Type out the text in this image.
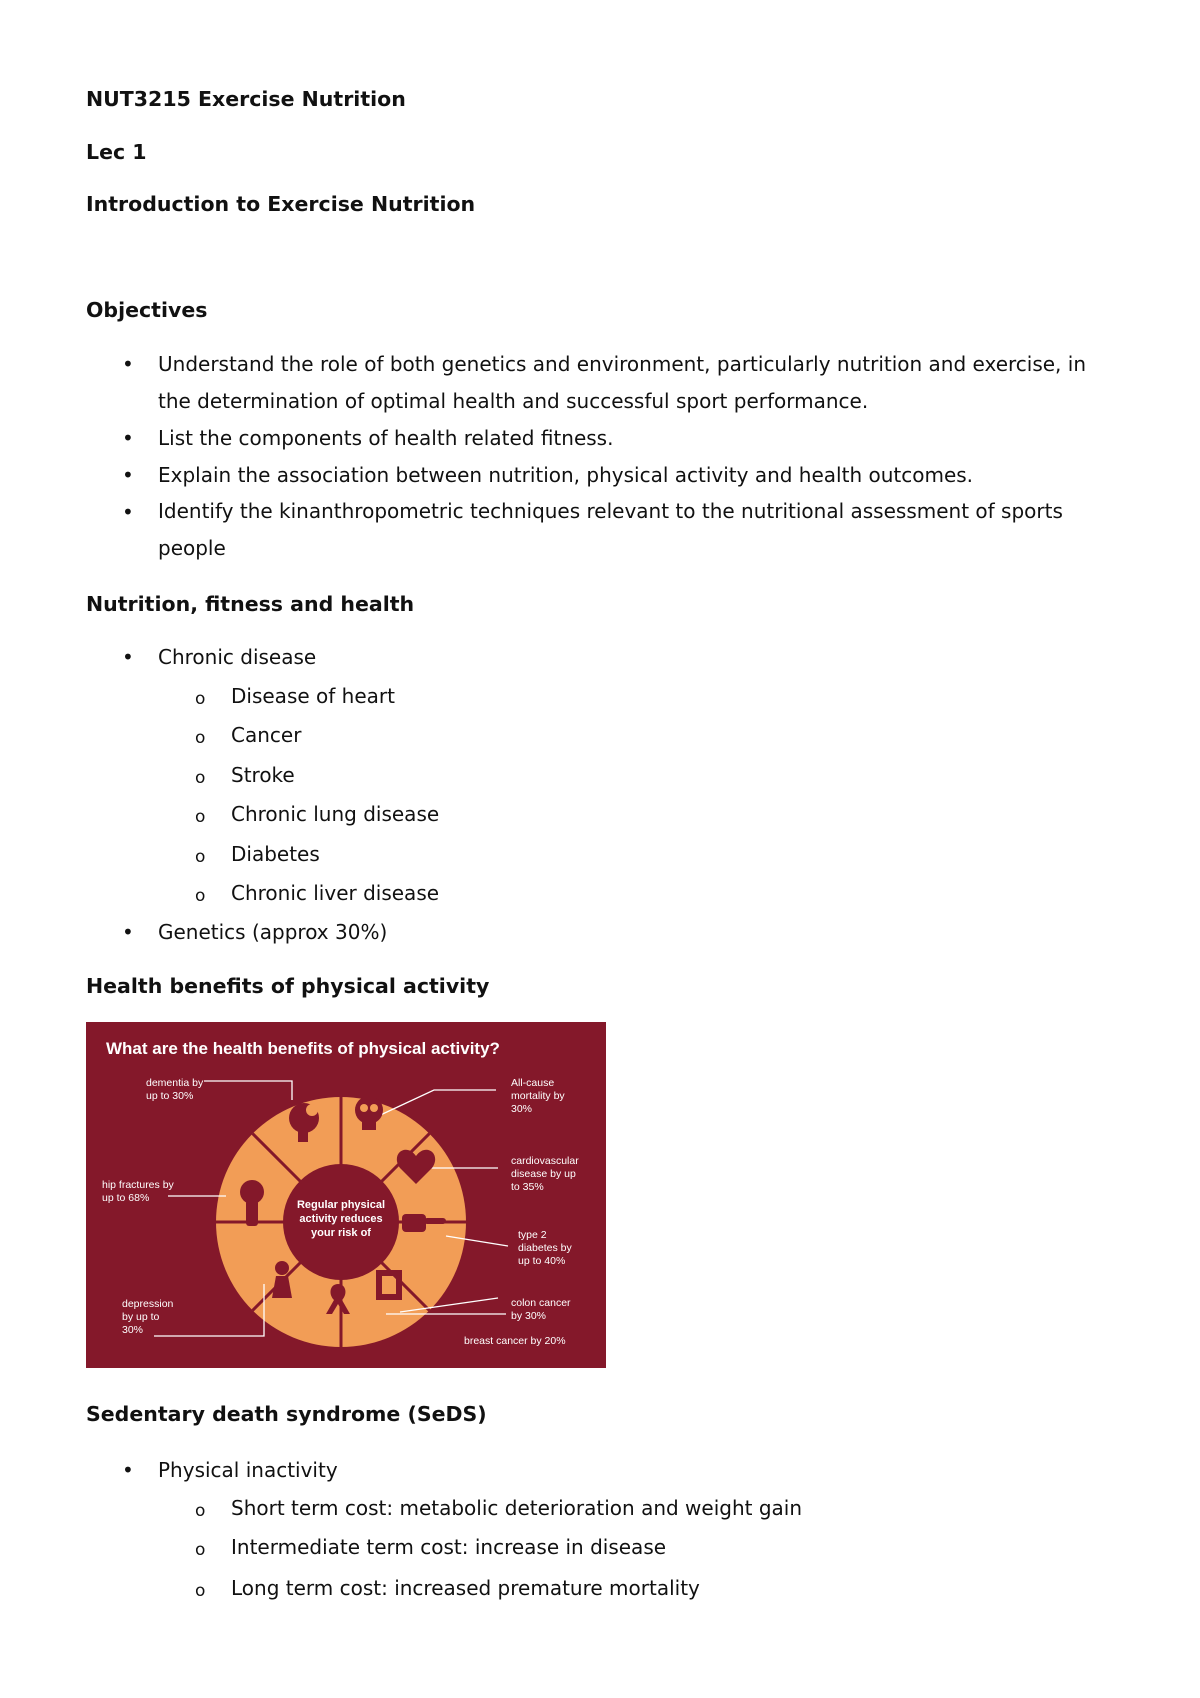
NUT3215 Exercise Nutrition
Lec 1
Introduction to Exercise Nutrition
Objectives
• Understand the role of both genetics and environment, particularly nutrition and exercise, in the determination of optimal health and successful sport performance.
• List the components of health related fitness.
• Explain the association between nutrition, physical activity and health outcomes.
• Identify the kinanthropometric techniques relevant to the nutritional assessment of sports people
Nutrition, fitness and health
• Chronic disease
o Disease of heart
o Cancer
o Stroke
o Chronic lung disease
o Diabetes
o Chronic liver disease
• Genetics (approx 30%)
Health benefits of physical activity
What are the health benefits of physical activity?
dementia by up to 30%
All-cause mortality by 30%
cardiovascular disease by up to 35%
type 2 diabetes by up to 40%
colon cancer by 30%
breast cancer by 20%
depression by up to 30%
hip fractures by up to 68%
Regular physical
activity reduces
your risk of
Sedentary death syndrome (SeDS)
• Physical inactivity
o Short term cost: metabolic deterioration and weight gain
o Intermediate term cost: increase in disease
o Long term cost: increased premature mortality
